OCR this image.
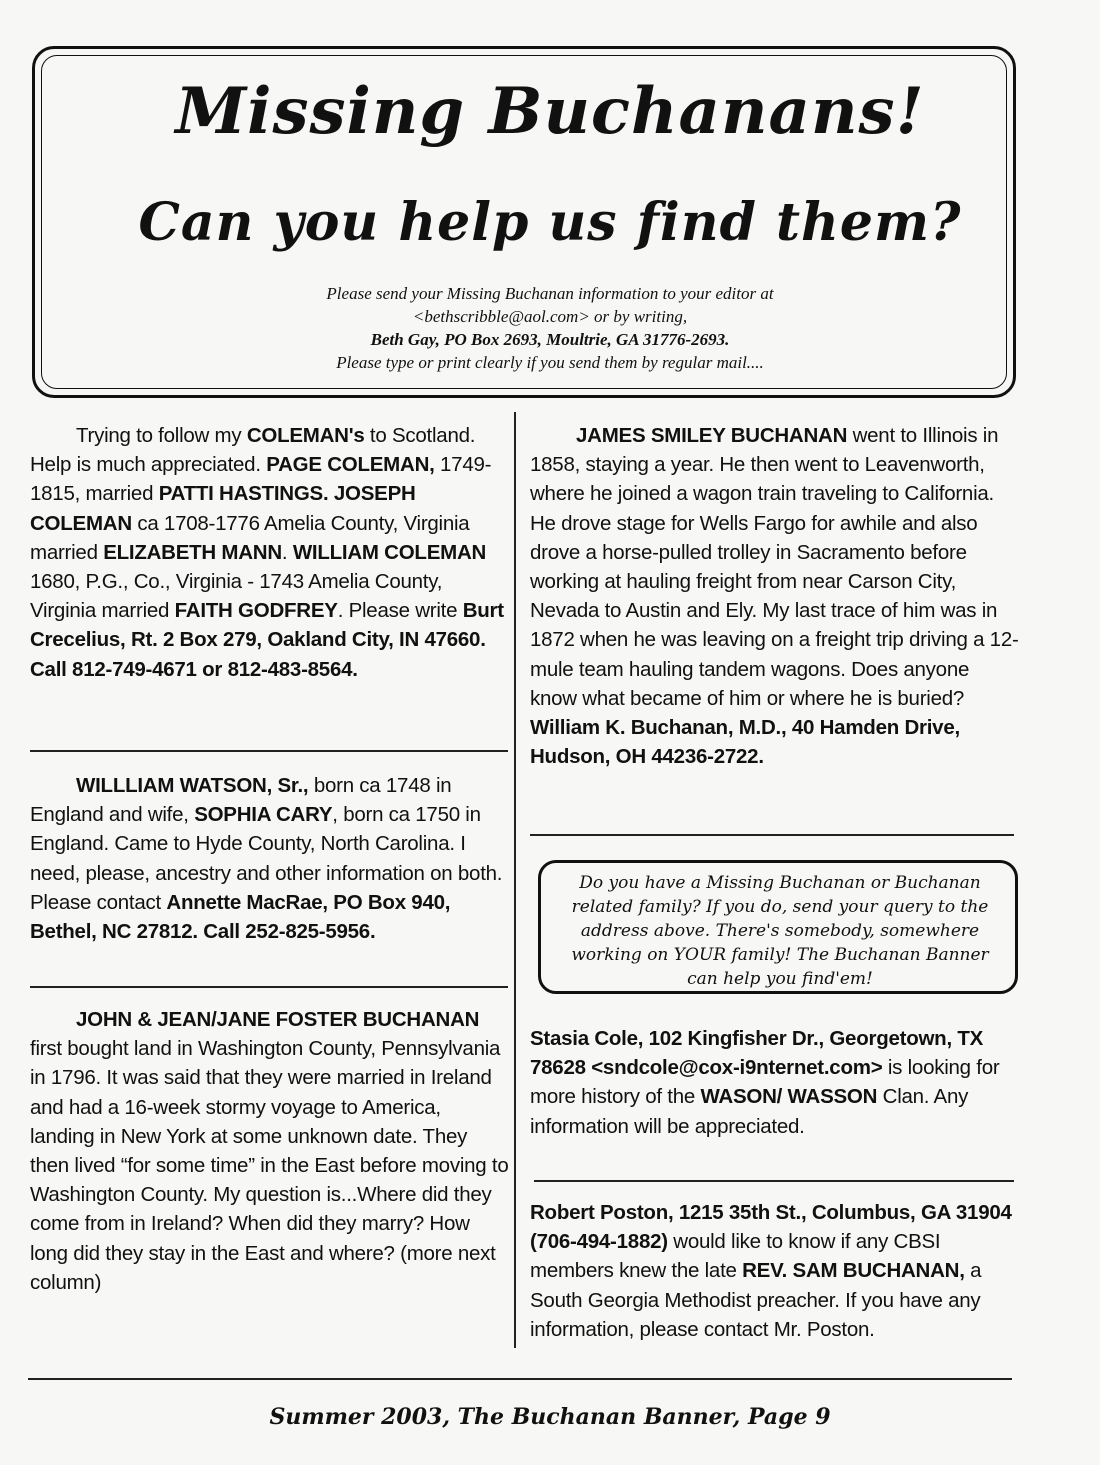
Missing Buchanans!
Can you help us find them?
Please send your Missing Buchanan information to your editor at
<bethscribble@aol.com> or by writing,
Beth Gay, PO Box 2693, Moultrie, GA 31776-2693.
Please type or print clearly if you send them by regular mail....

Trying to follow my COLEMAN's to Scotland. Help is much appreciated. PAGE COLEMAN, 1749-1815, married PATTI HASTINGS. JOSEPH COLEMAN ca 1708-1776 Amelia County, Virginia married ELIZABETH MANN. WILLIAM COLEMAN 1680, P.G., Co., Virginia - 1743 Amelia County, Virginia married FAITH GODFREY. Please write Burt Crecelius, Rt. 2 Box 279, Oakland City, IN 47660. Call 812-749-4671 or 812-483-8564.

WILLLIAM WATSON, Sr., born ca 1748 in England and wife, SOPHIA CARY, born ca 1750 in England. Came to Hyde County, North Carolina. I need, please, ancestry and other information on both. Please contact Annette MacRae, PO Box 940, Bethel, NC 27812. Call 252-825-5956.

JOHN & JEAN/JANE FOSTER BUCHANAN first bought land in Washington County, Pennsylvania in 1796. It was said that they were married in Ireland and had a 16-week stormy voyage to America, landing in New York at some unknown date. They then lived “for some time” in the East before moving to Washington County. My question is...Where did they come from in Ireland? When did they marry? How long did they stay in the East and where? (more next column)

JAMES SMILEY BUCHANAN went to Illinois in 1858, staying a year. He then went to Leavenworth, where he joined a wagon train traveling to California. He drove stage for Wells Fargo for awhile and also drove a horse-pulled trolley in Sacramento before working at hauling freight from near Carson City, Nevada to Austin and Ely. My last trace of him was in 1872 when he was leaving on a freight trip driving a 12-mule team hauling tandem wagons. Does anyone know what became of him or where he is buried? William K. Buchanan, M.D., 40 Hamden Drive, Hudson, OH 44236-2722.

Do you have a Missing Buchanan or Buchanan related family? If you do, send your query to the address above. There's somebody, somewhere working on YOUR family! The Buchanan Banner can help you find'em!

Stasia Cole, 102 Kingfisher Dr., Georgetown, TX 78628 <sndcole@cox-i9nternet.com> is looking for more history of the WASON/ WASSON Clan. Any information will be appreciated.

Robert Poston, 1215 35th St., Columbus, GA 31904 (706-494-1882) would like to know if any CBSI members knew the late REV. SAM BUCHANAN, a South Georgia Methodist preacher. If you have any information, please contact Mr. Poston.

Summer 2003, The Buchanan Banner, Page 9
